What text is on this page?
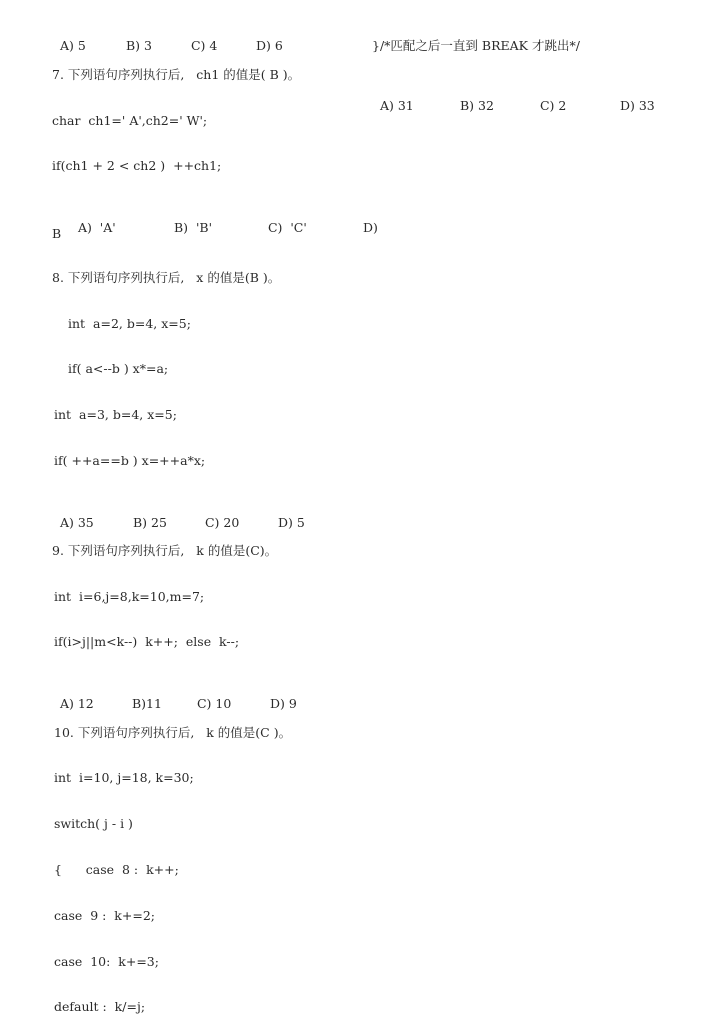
A) 5	B) 3	C) 4	D) 6	}/*匹配之后一直到 BREAK 才跳出*/

A) 31	B) 32	C) 2	D) 33

7. 下列语句序列执行后,   ch1 的值是( B )。
char  ch1=' A',ch2=' W';
if(ch1 + 2 < ch2 )  ++ch1;

A)  'A'	B)  'B'	C)  'C'	D)

B
8. 下列语句序列执行后,   x 的值是(B )。
int  a=2, b=4, x=5;
if( a<--b ) x*=a;
int  a=3, b=4, x=5;
if( ++a==b ) x=++a*x;

A) 35	B) 25	C) 20	D) 5

9. 下列语句序列执行后,   k 的值是(C)。
int  i=6,j=8,k=10,m=7;
if(i>j||m<k--)  k++;  else  k--;

A) 12	B)11	C) 10	D) 9

10. 下列语句序列执行后,   k 的值是(C )。
int  i=10, j=18, k=30;
switch( j - i )
{      case  8 :  k++;
case  9 :  k+=2;
case  10:  k+=3;
default :  k/=j;
